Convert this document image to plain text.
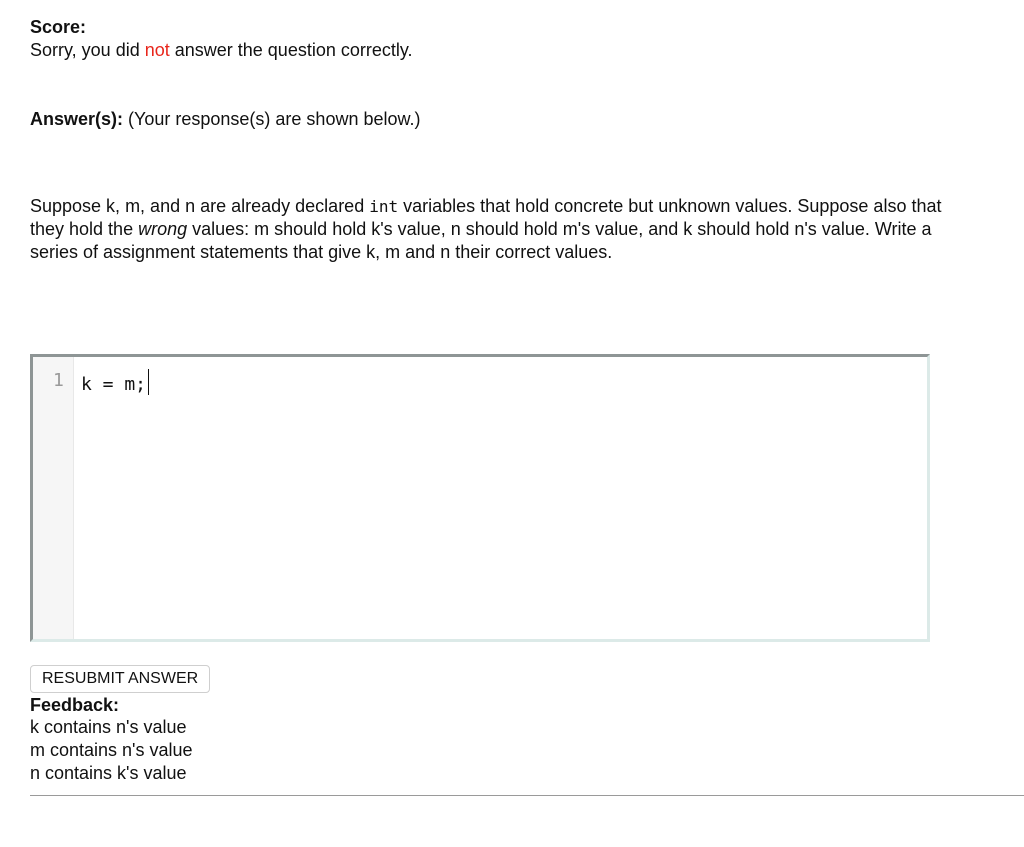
Score:
Sorry, you did not answer the question correctly.
Answer(s): (Your response(s) are shown below.)
Suppose k, m, and n are already declared int variables that hold concrete but unknown values. Suppose also that
they hold the wrong values: m should hold k's value, n should hold m's value, and k should hold n's value. Write a
series of assignment statements that give k, m and n their correct values.
1 k = m;
RESUBMIT ANSWER
Feedback:
k contains n's value
m contains n's value
n contains k's value
